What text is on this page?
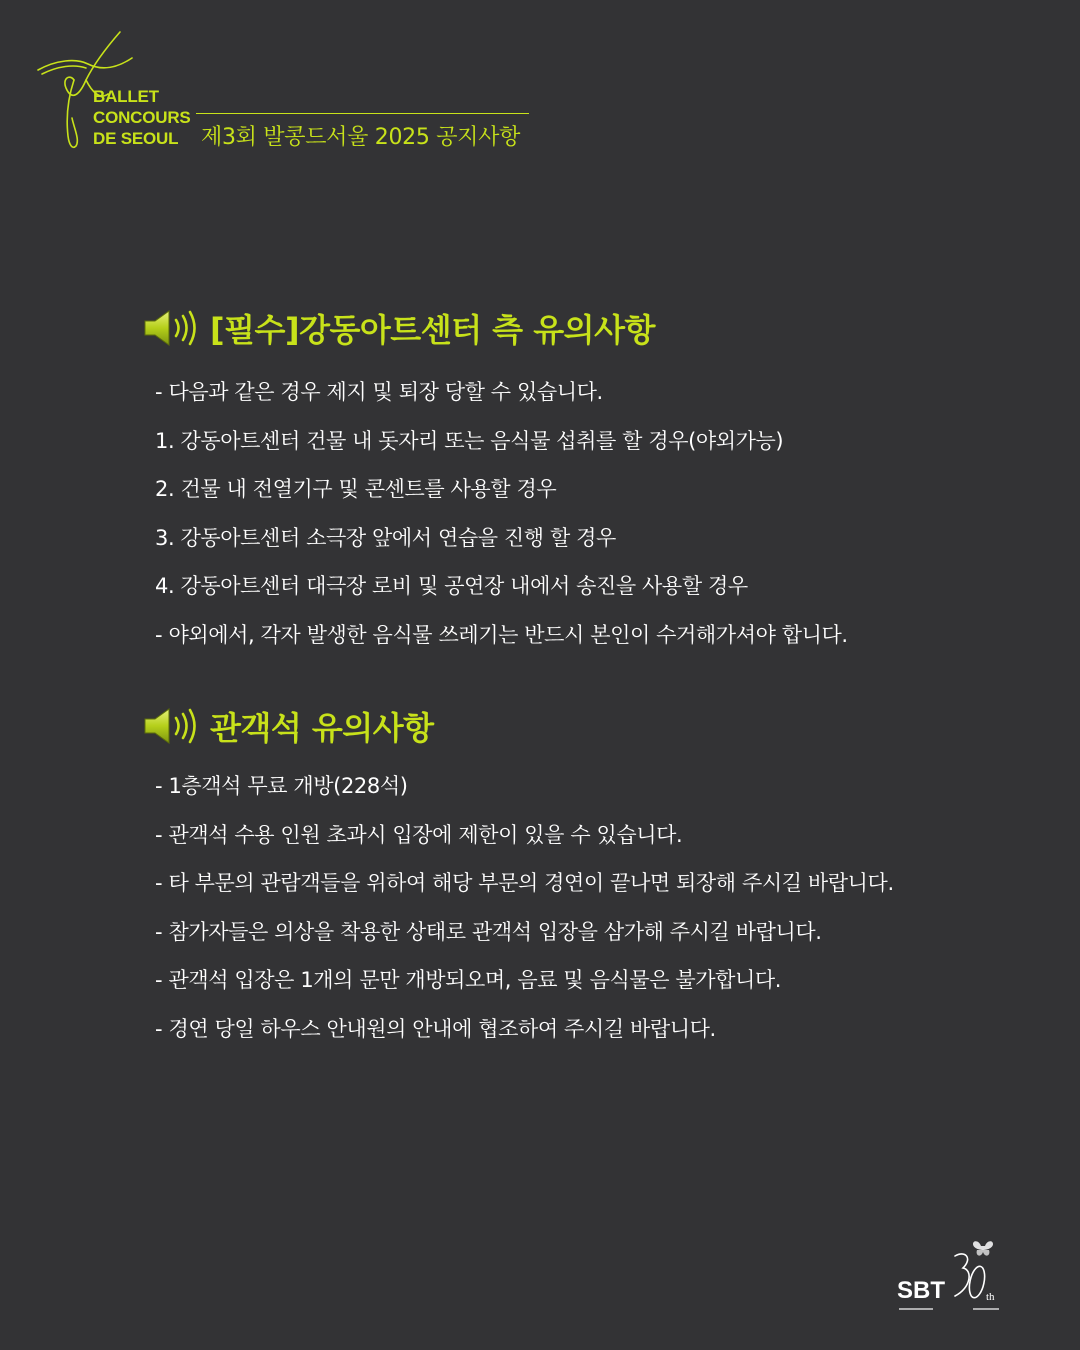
BALLET
CONCOURS
DE SEOUL	제3회 발콩드서울 2025 공지사항
[필수]강동아트센터 측 유의사항
- 다음과 같은 경우 제지 및 퇴장 당할 수 있습니다.
1. 강동아트센터 건물 내 돗자리 또는 음식물 섭취를 할 경우(야외가능)
2. 건물 내 전열기구 및 콘센트를 사용할 경우
3. 강동아트센터 소극장 앞에서 연습을 진행 할 경우
4. 강동아트센터 대극장 로비 및 공연장 내에서 송진을 사용할 경우
- 야외에서, 각자 발생한 음식물 쓰레기는 반드시 본인이 수거해가셔야 합니다.
관객석 유의사항
- 1층객석 무료 개방(228석)
- 관객석 수용 인원 초과시 입장에 제한이 있을 수 있습니다.
- 타 부문의 관람객들을 위하여 해당 부문의 경연이 끝나면 퇴장해 주시길 바랍니다.
- 참가자들은 의상을 착용한 상태로 관객석 입장을 삼가해 주시길 바랍니다.
- 관객석 입장은 1개의 문만 개방되오며, 음료 및 음식물은 불가합니다.
- 경연 당일 하우스 안내원의 안내에 협조하여 주시길 바랍니다.
SBT	th
